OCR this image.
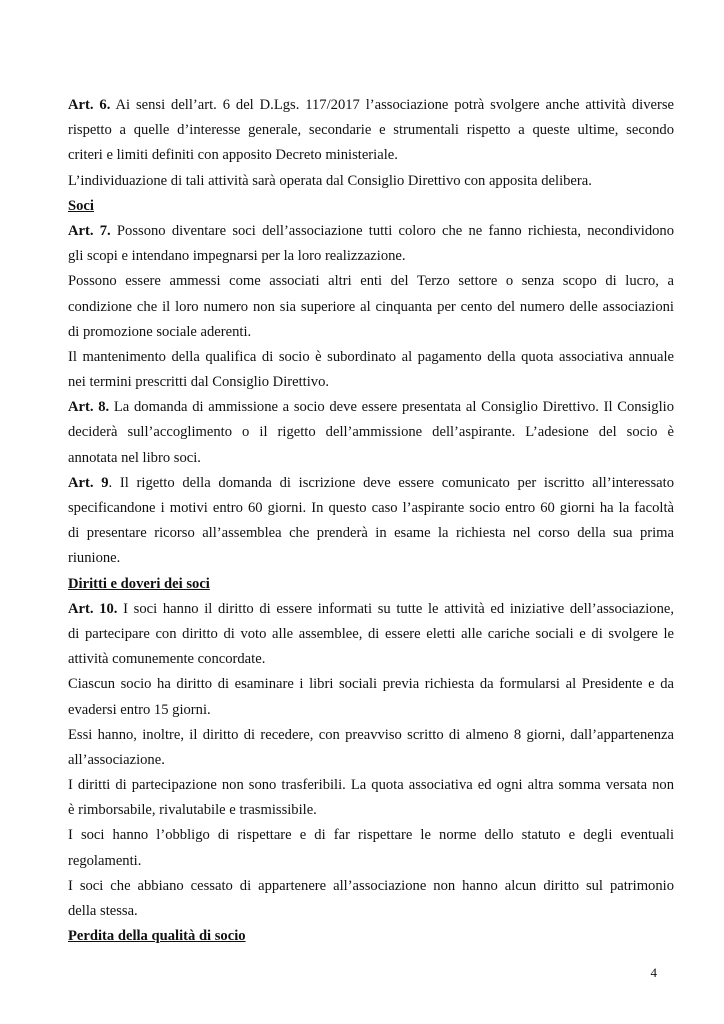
Art. 6. Ai sensi dell’art. 6 del D.Lgs. 117/2017 l’associazione potrà svolgere anche attività diverse
rispetto a quelle d’interesse generale, secondarie e strumentali rispetto a queste ultime, secondo
criteri e limiti definiti con apposito Decreto ministeriale.
L’individuazione di tali attività sarà operata dal Consiglio Direttivo con apposita delibera.
Soci
Art. 7. Possono diventare soci dell’associazione tutti coloro che ne fanno richiesta, necondividono
gli scopi e intendano impegnarsi per la loro realizzazione.
Possono essere ammessi come associati altri enti del Terzo settore o senza scopo di lucro, a
condizione che il loro numero non sia superiore al cinquanta per cento del numero delle associazioni
di promozione sociale aderenti.
Il mantenimento della qualifica di socio è subordinato al pagamento della quota associativa annuale
nei termini prescritti dal Consiglio Direttivo.
Art. 8. La domanda di ammissione a socio deve essere presentata al Consiglio Direttivo. Il Consiglio
deciderà sull’accoglimento o il rigetto dell’ammissione dell’aspirante. L’adesione del socio è
annotata nel libro soci.
Art. 9. Il rigetto della domanda di iscrizione deve essere comunicato per iscritto all’interessato
specificandone i motivi entro 60 giorni. In questo caso l’aspirante socio entro 60 giorni ha la facoltà
di presentare ricorso all’assemblea che prenderà in esame la richiesta nel corso della sua prima
riunione.
Diritti e doveri dei soci
Art. 10. I soci hanno il diritto di essere informati su tutte le attività ed iniziative dell’associazione,
di partecipare con diritto di voto alle assemblee, di essere eletti alle cariche sociali e di svolgere le
attività comunemente concordate.
Ciascun socio ha diritto di esaminare i libri sociali previa richiesta da formularsi al Presidente e da
evadersi entro 15 giorni.
Essi hanno, inoltre, il diritto di recedere, con preavviso scritto di almeno 8 giorni, dall’appartenenza
all’associazione.
I diritti di partecipazione non sono trasferibili. La quota associativa ed ogni altra somma versata non
è rimborsabile, rivalutabile e trasmissibile.
I soci hanno l’obbligo di rispettare e di far rispettare le norme dello statuto e degli eventuali
regolamenti.
I soci che abbiano cessato di appartenere all’associazione non hanno alcun diritto sul patrimonio
della stessa.
Perdita della qualità di socio
4
